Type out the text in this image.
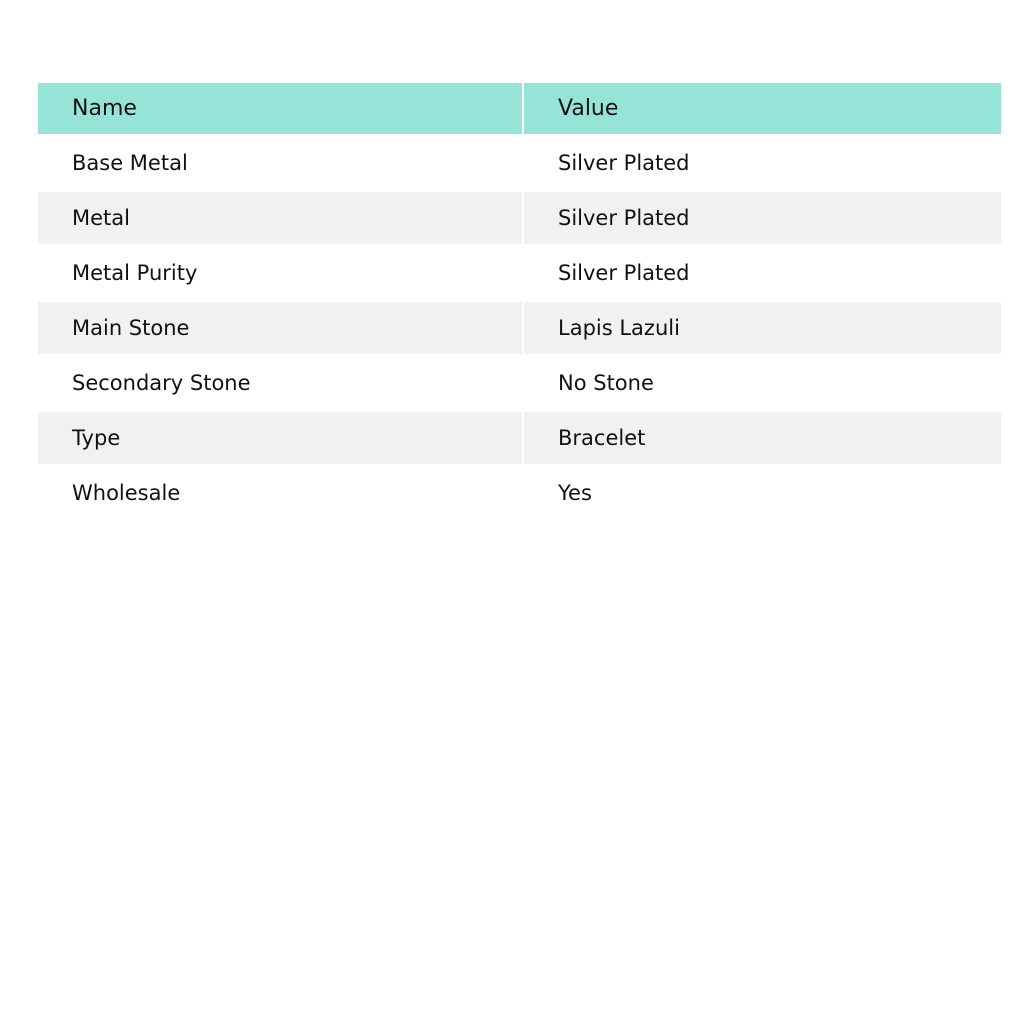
Name	Value
Base Metal	Silver Plated
Metal	Silver Plated
Metal Purity	Silver Plated
Main Stone	Lapis Lazuli
Secondary Stone	No Stone
Type	Bracelet
Wholesale	Yes
